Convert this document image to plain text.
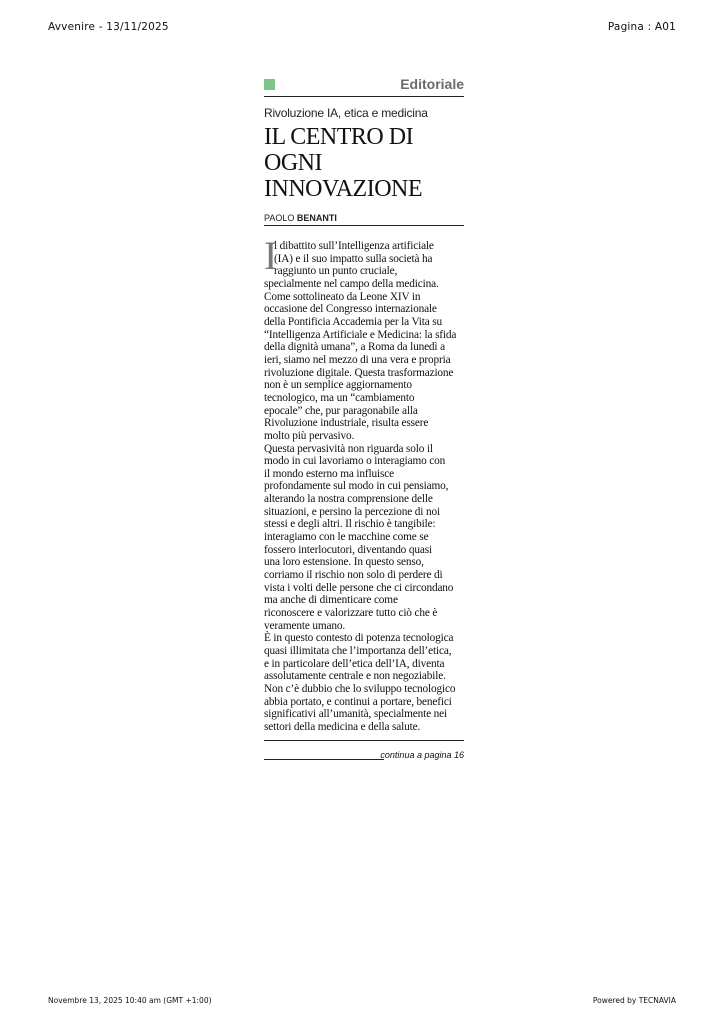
Avvenire - 13/11/2025	Pagina : A01
Editoriale
Rivoluzione IA, etica e medicina
IL CENTRO DI OGNI
INNOVAZIONE
PAOLO BENANTI
I

l dibattito sull’Intelligenza artificiale

(IA) e il suo impatto sulla società ha

raggiunto un punto cruciale,

specialmente nel campo della medicina.

Come sottolineato da Leone XIV in

occasione del Congresso internazionale

della Pontificia Accademia per la Vita su

“Intelligenza Artificiale e Medicina: la sfida

della dignità umana”, a Roma da lunedì a

ieri, siamo nel mezzo di una vera e propria

rivoluzione digitale. Questa trasformazione

non è un semplice aggiornamento

tecnologico, ma un “cambiamento

epocale” che, pur paragonabile alla

Rivoluzione industriale, risulta essere

molto più pervasivo.

Questa pervasività non riguarda solo il

modo in cui lavoriamo o interagiamo con

il mondo esterno ma influisce

profondamente sul modo in cui pensiamo,

alterando la nostra comprensione delle

situazioni, e persino la percezione di noi

stessi e degli altri. Il rischio è tangibile:

interagiamo con le macchine come se

fossero interlocutori, diventando quasi

una loro estensione. In questo senso,

corriamo il rischio non solo di perdere di

vista i volti delle persone che ci circondano

ma anche di dimenticare come

riconoscere e valorizzare tutto ciò che è

veramente umano.

È in questo contesto di potenza tecnologica

quasi illimitata che l’importanza dell’etica,

e in particolare dell’etica dell’IA, diventa

assolutamente centrale e non negoziabile.

Non c’è dubbio che lo sviluppo tecnologico

abbia portato, e continui a portare, benefici

significativi all’umanità, specialmente nei

settori della medicina e della salute.

continua a pagina 16
Novembre 13, 2025 10:40 am (GMT +1:00)	Powered by TECNAVIA
